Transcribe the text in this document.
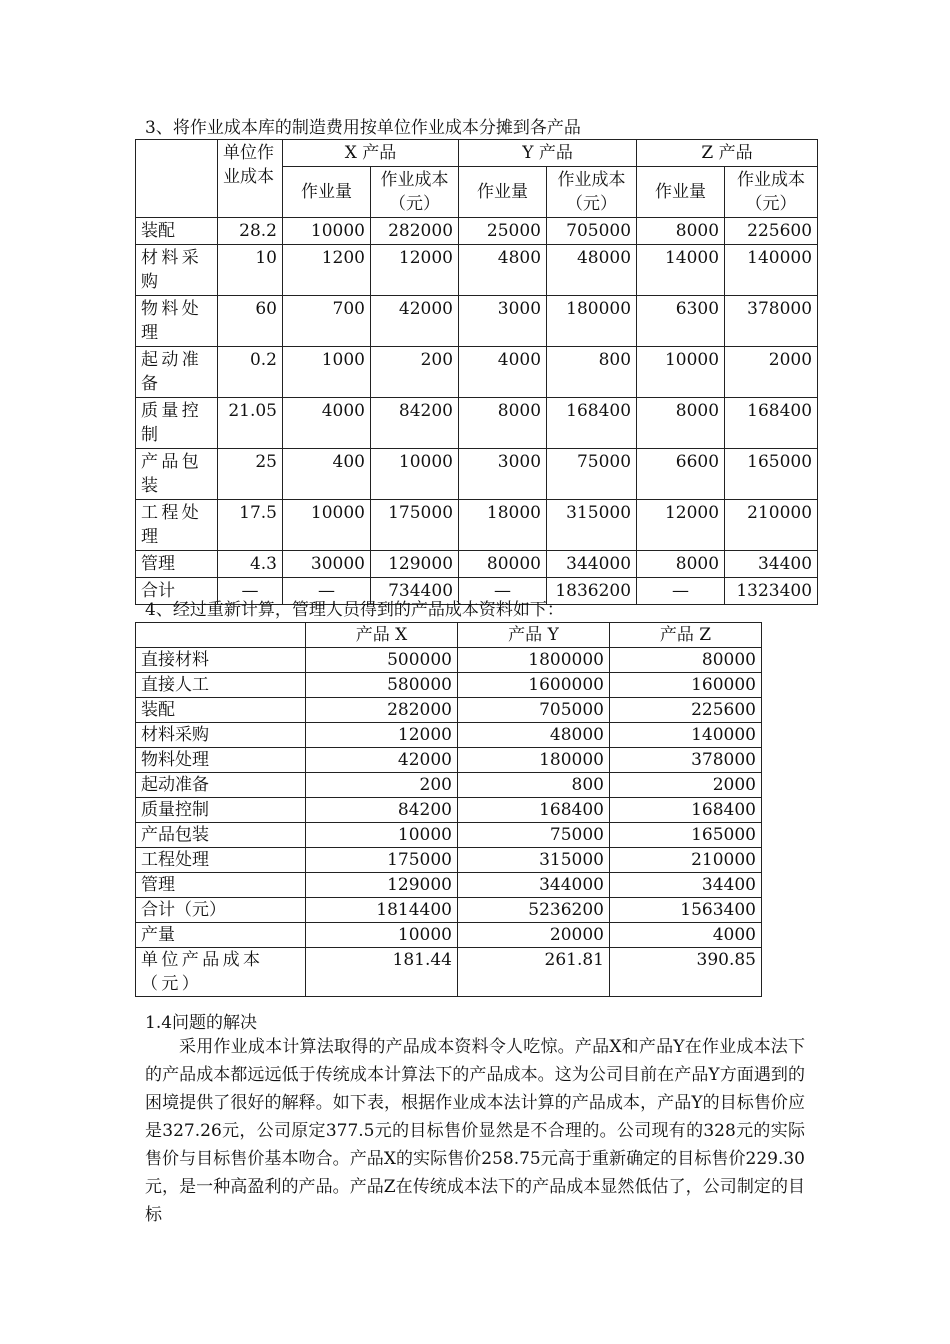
3、将作业成本库的制造费用按单位作业成本分摊到各产品
	单位作业成本	X 产品		Y 产品		Z 产品	
		作业量	作业成本（元）	作业量	作业成本（元）	作业量	作业成本（元）
装配	28.2	10000	282000	25000	705000	8000	225600
材料采购	10	1200	12000	4800	48000	14000	140000
物料处理	60	700	42000	3000	180000	6300	378000
起动准备	0.2	1000	200	4000	800	10000	2000
质量控制	21.05	4000	84200	8000	168400	8000	168400
产品包装	25	400	10000	3000	75000	6600	165000
工程处理	17.5	10000	175000	18000	315000	12000	210000
管理	4.3	30000	129000	80000	344000	8000	34400
合计	—	—	734400	—	1836200	—	1323400
4、经过重新计算，管理人员得到的产品成本资料如下：
	产品 X	产品 Y	产品 Z
直接材料	500000	1800000	80000
直接人工	580000	1600000	160000
装配	282000	705000	225600
材料采购	12000	48000	140000
物料处理	42000	180000	378000
起动准备	200	800	2000
质量控制	84200	168400	168400
产品包装	10000	75000	165000
工程处理	175000	315000	210000
管理	129000	344000	34400
合计（元）	1814400	5236200	1563400
产量	10000	20000	4000
单位产品成本（元）	181.44	261.81	390.85
1.4问题的解决
采用作业成本计算法取得的产品成本资料令人吃惊。产品X和产品Y在作业成本法下的产品成本都远远低于传统成本计算法下的产品成本。这为公司目前在产品Y方面遇到的困境提供了很好的解释。如下表，根据作业成本法计算的产品成本，产品Y的目标售价应是327.26元，公司原定377.5元的目标售价显然是不合理的。公司现有的328元的实际售价与目标售价基本吻合。产品X的实际售价258.75元高于重新确定的目标售价229.30元，是一种高盈利的产品。产品Z在传统成本法下的产品成本显然低估了，公司制定的目标
